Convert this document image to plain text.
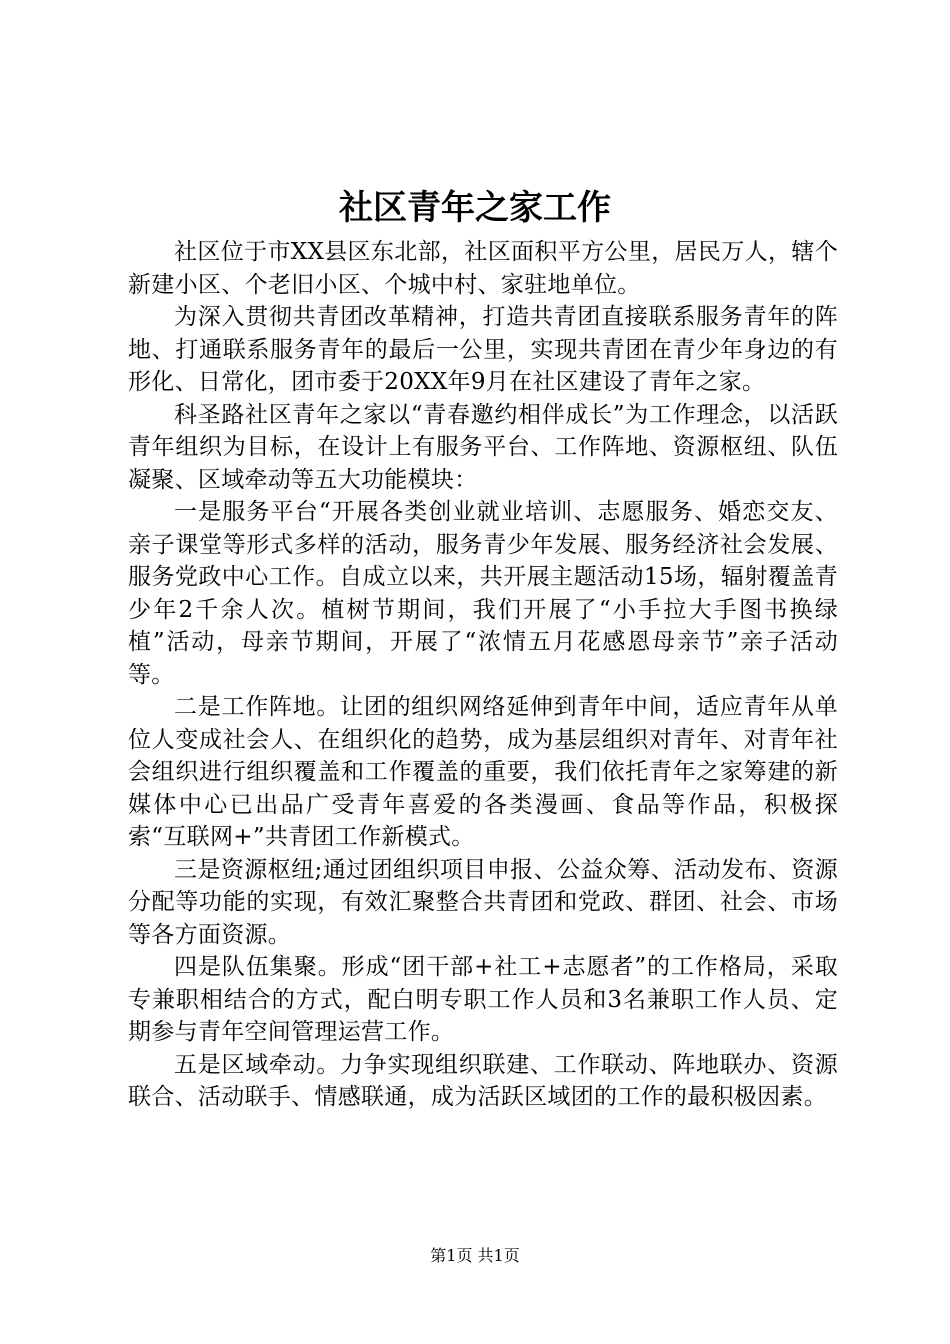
社区青年之家工作

社区位于市XX县区东北部，社区面积平方公里，居民万人，辖个新建小区、个老旧小区、个城中村、家驻地单位。

为深入贯彻共青团改革精神，打造共青团直接联系服务青年的阵地、打通联系服务青年的最后一公里，实现共青团在青少年身边的有形化、日常化，团市委于20XX年9月在社区建设了青年之家。

科圣路社区青年之家以“青春邀约相伴成长”为工作理念，以活跃青年组织为目标，在设计上有服务平台、工作阵地、资源枢纽、队伍凝聚、区域牵动等五大功能模块：

一是服务平台“开展各类创业就业培训、志愿服务、婚恋交友、亲子课堂等形式多样的活动，服务青少年发展、服务经济社会发展、服务党政中心工作。自成立以来，共开展主题活动15场，辐射覆盖青少年2千余人次。植树节期间，我们开展了“小手拉大手图书换绿植”活动，母亲节期间，开展了“浓情五月花感恩母亲节”亲子活动等。

二是工作阵地。让团的组织网络延伸到青年中间，适应青年从单位人变成社会人、在组织化的趋势，成为基层组织对青年、对青年社会组织进行组织覆盖和工作覆盖的重要，我们依托青年之家筹建的新媒体中心已出品广受青年喜爱的各类漫画、食品等作品，积极探索“互联网+”共青团工作新模式。

三是资源枢纽;通过团组织项目申报、公益众筹、活动发布、资源分配等功能的实现，有效汇聚整合共青团和党政、群团、社会、市场等各方面资源。

四是队伍集聚。形成“团干部+社工+志愿者”的工作格局，采取专兼职相结合的方式，配白明专职工作人员和3名兼职工作人员、定期参与青年空间管理运营工作。

五是区域牵动。力争实现组织联建、工作联动、阵地联办、资源联合、活动联手、情感联通，成为活跃区域团的工作的最积极因素。

第1页 共1页
